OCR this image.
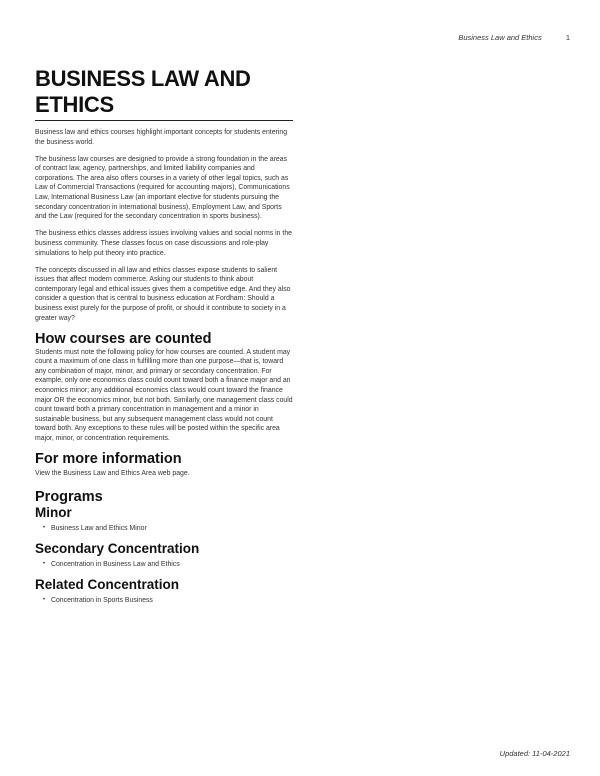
Business Law and Ethics	1
BUSINESS LAW AND ETHICS

Business law and ethics courses highlight important concepts for students entering the business world.

The business law courses are designed to provide a strong foundation in the areas of contract law, agency, partnerships, and limited liability companies and corporations. The area also offers courses in a variety of other legal topics, such as Law of Commercial Transactions (required for accounting majors), Communications Law, International Business Law (an important elective for students pursuing the secondary concentration in international business), Employment Law, and Sports and the Law (required for the secondary concentration in sports business).

The business ethics classes address issues involving values and social norms in the business community. These classes focus on case discussions and role-play simulations to help put theory into practice.

The concepts discussed in all law and ethics classes expose students to salient issues that affect modern commerce. Asking our students to think about contemporary legal and ethical issues gives them a competitive edge. And they also consider a question that is central to business education at Fordham: Should a business exist purely for the purpose of profit, or should it contribute to society in a greater way?

How courses are counted

Students must note the following policy for how courses are counted. A student may count a maximum of one class in fulfilling more than one purpose—that is, toward any combination of major, minor, and primary or secondary concentration. For example, only one economics class could count toward both a finance major and an economics minor; any additional economics class would count toward the finance major OR the economics minor, but not both. Similarly, one management class could count toward both a primary concentration in management and a minor in sustainable business, but any subsequent management class would not count toward both. Any exceptions to these rules will be posted within the specific area major, minor, or concentration requirements.

For more information

View the Business Law and Ethics Area web page.

Programs
Minor
• Business Law and Ethics Minor
Secondary Concentration
• Concentration in Business Law and Ethics
Related Concentration
• Concentration in Sports Business
Updated: 11-04-2021
